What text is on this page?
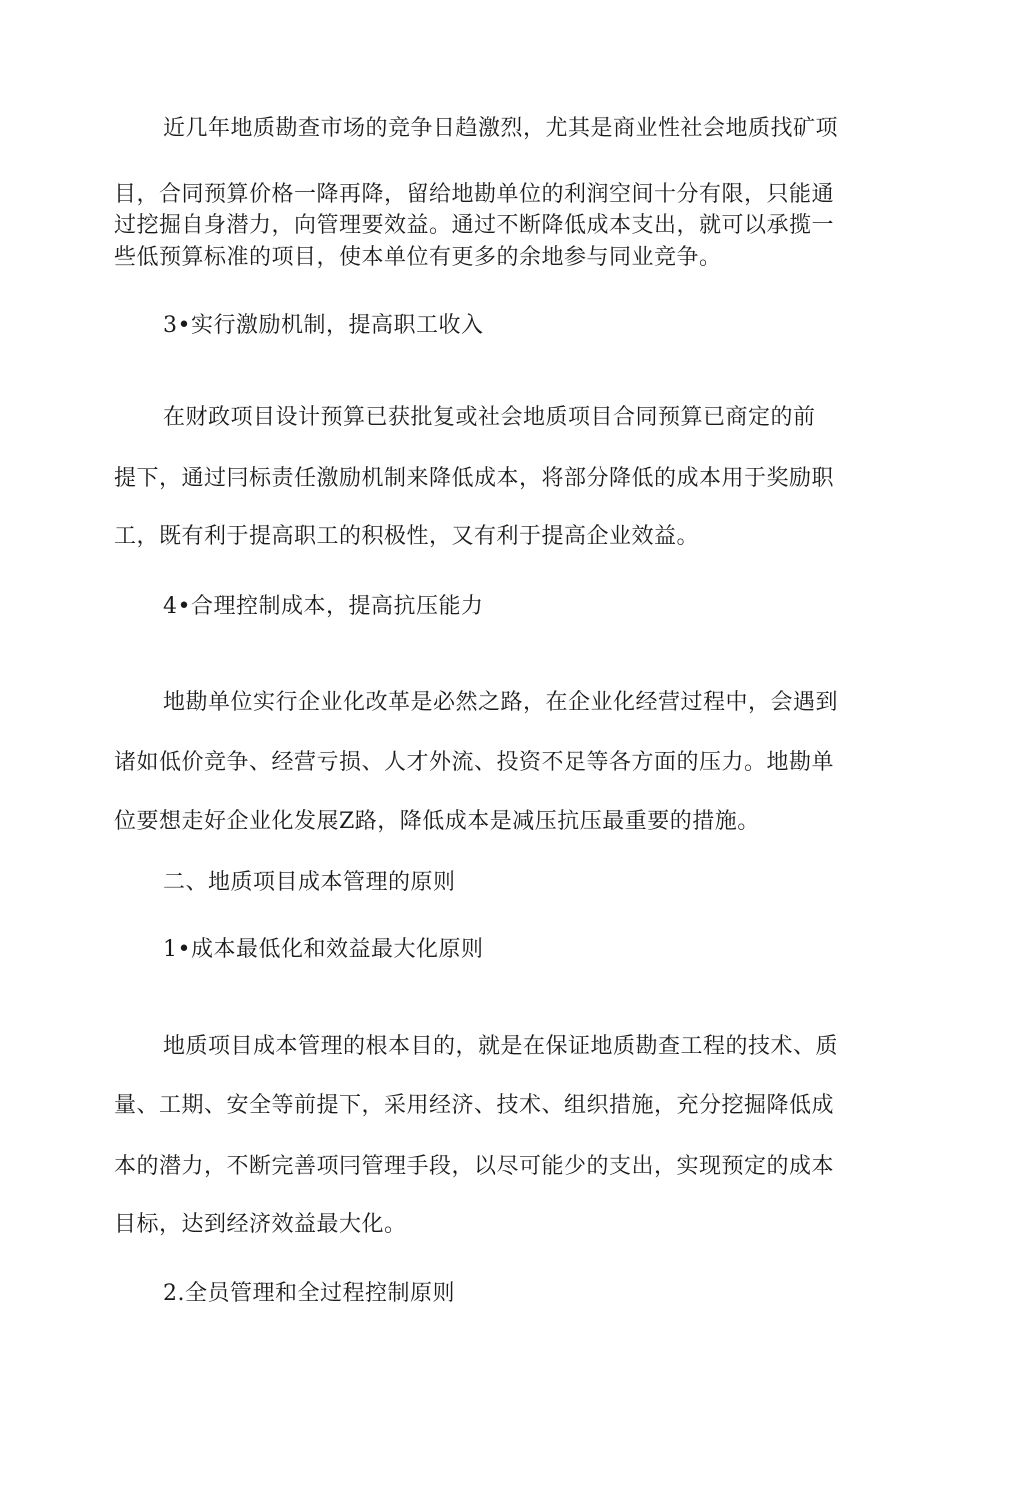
近几年地质勘查市场的竞争日趋激烈，尤其是商业性社会地质找矿项
目，合同预算价格一降再降，留给地勘单位的利润空间十分有限，只能通
过挖掘自身潜力，向管理要效益。通过不断降低成本支出，就可以承揽一
些低预算标准的项目，使本单位有更多的余地参与同业竞争。
3•实行激励机制，提高职工收入
在财政项目设计预算已获批复或社会地质项目合同预算已商定的前
提下，通过冃标责任激励机制来降低成本，将部分降低的成本用于奖励职
工，既有利于提高职工的积极性，又有利于提高企业效益。
4•合理控制成本，提高抗压能力
地勘单位实行企业化改革是必然之路，在企业化经营过程中，会遇到
诸如低价竞争、经营亏损、人才外流、投资不足等各方面的压力。地勘单
位要想走好企业化发展Z路，降低成本是减压抗压最重要的措施。
二、地质项目成本管理的原则
1•成本最低化和效益最大化原则
地质项目成本管理的根本目的，就是在保证地质勘查工程的技术、质
量、工期、安全等前提下，采用经济、技术、组织措施，充分挖掘降低成
本的潜力，不断完善项冃管理手段，以尽可能少的支出，实现预定的成本
目标，达到经济效益最大化。
2.全员管理和全过程控制原则
